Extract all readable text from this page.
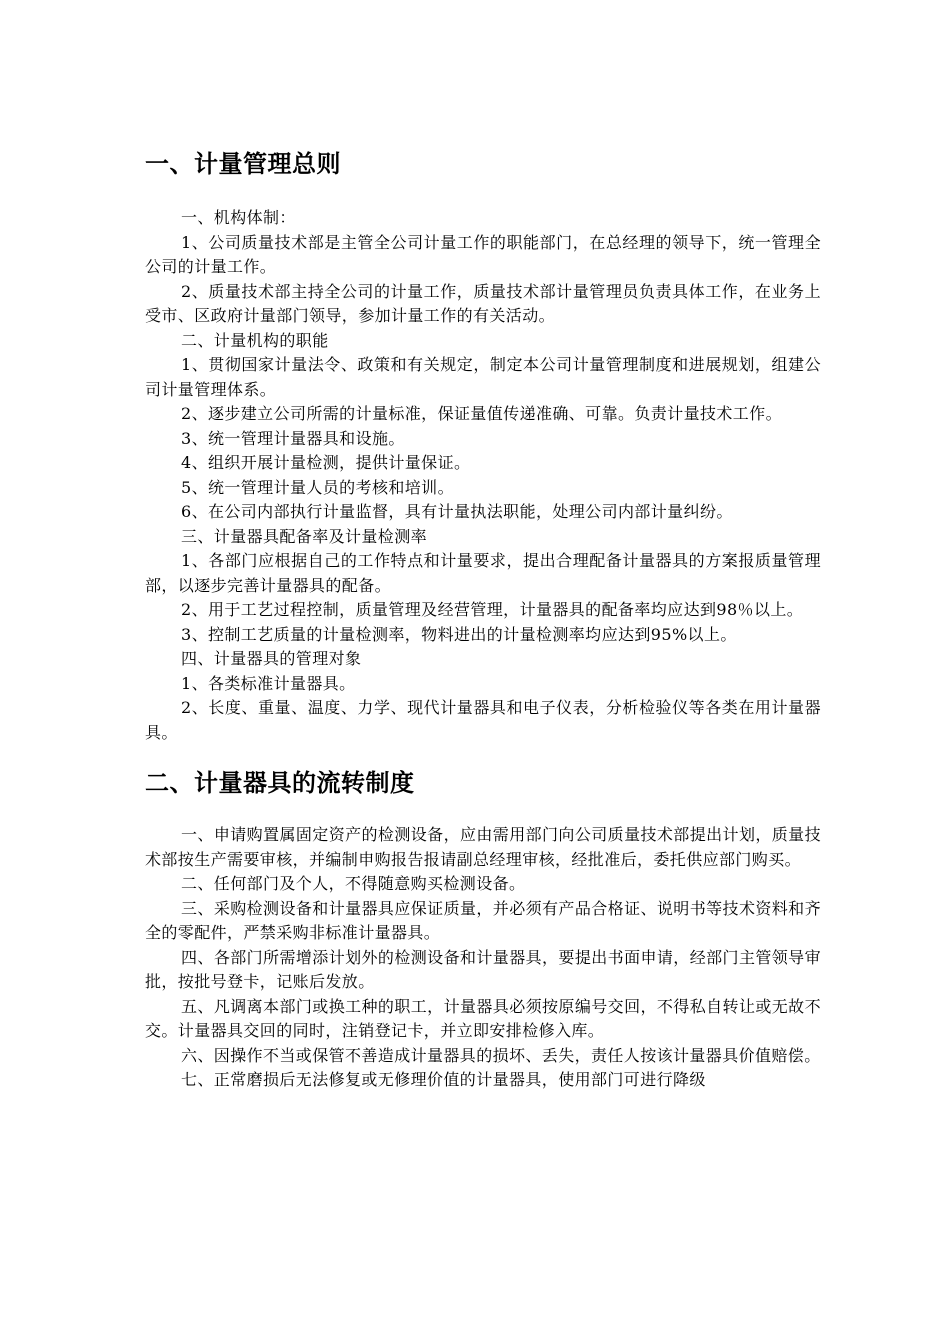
一、计量管理总则

一、机构体制：

1、公司质量技术部是主管全公司计量工作的职能部门，在总经理的领导下，统一管理全公司的计量工作。

2、质量技术部主持全公司的计量工作，质量技术部计量管理员负责具体工作，在业务上受市、区政府计量部门领导，参加计量工作的有关活动。

二、计量机构的职能

1、贯彻国家计量法令、政策和有关规定，制定本公司计量管理制度和进展规划，组建公司计量管理体系。

2、逐步建立公司所需的计量标准，保证量值传递准确、可靠。负责计量技术工作。

3、统一管理计量器具和设施。

4、组织开展计量检测，提供计量保证。

5、统一管理计量人员的考核和培训。

6、在公司内部执行计量监督，具有计量执法职能，处理公司内部计量纠纷。

三、计量器具配备率及计量检测率

1、各部门应根据自己的工作特点和计量要求，提出合理配备计量器具的方案报质量管理部，以逐步完善计量器具的配备。

2、用于工艺过程控制，质量管理及经营管理，计量器具的配备率均应达到98％以上。

3、控制工艺质量的计量检测率，物料进出的计量检测率均应达到95%以上。

四、计量器具的管理对象

1、各类标准计量器具。

2、长度、重量、温度、力学、现代计量器具和电子仪表，分析检验仪等各类在用计量器具。

二、计量器具的流转制度

一、申请购置属固定资产的检测设备，应由需用部门向公司质量技术部提出计划，质量技术部按生产需要审核，并编制申购报告报请副总经理审核，经批准后，委托供应部门购买。

二、任何部门及个人，不得随意购买检测设备。

三、采购检测设备和计量器具应保证质量，并必须有产品合格证、说明书等技术资料和齐全的零配件，严禁采购非标准计量器具。

四、各部门所需增添计划外的检测设备和计量器具，要提出书面申请，经部门主管领导审批，按批号登卡，记账后发放。

五、凡调离本部门或换工种的职工，计量器具必须按原编号交回，不得私自转让或无故不交。计量器具交回的同时，注销登记卡，并立即安排检修入库。

六、因操作不当或保管不善造成计量器具的损坏、丢失，责任人按该计量器具价值赔偿。

七、正常磨损后无法修复或无修理价值的计量器具，使用部门可进行降级
